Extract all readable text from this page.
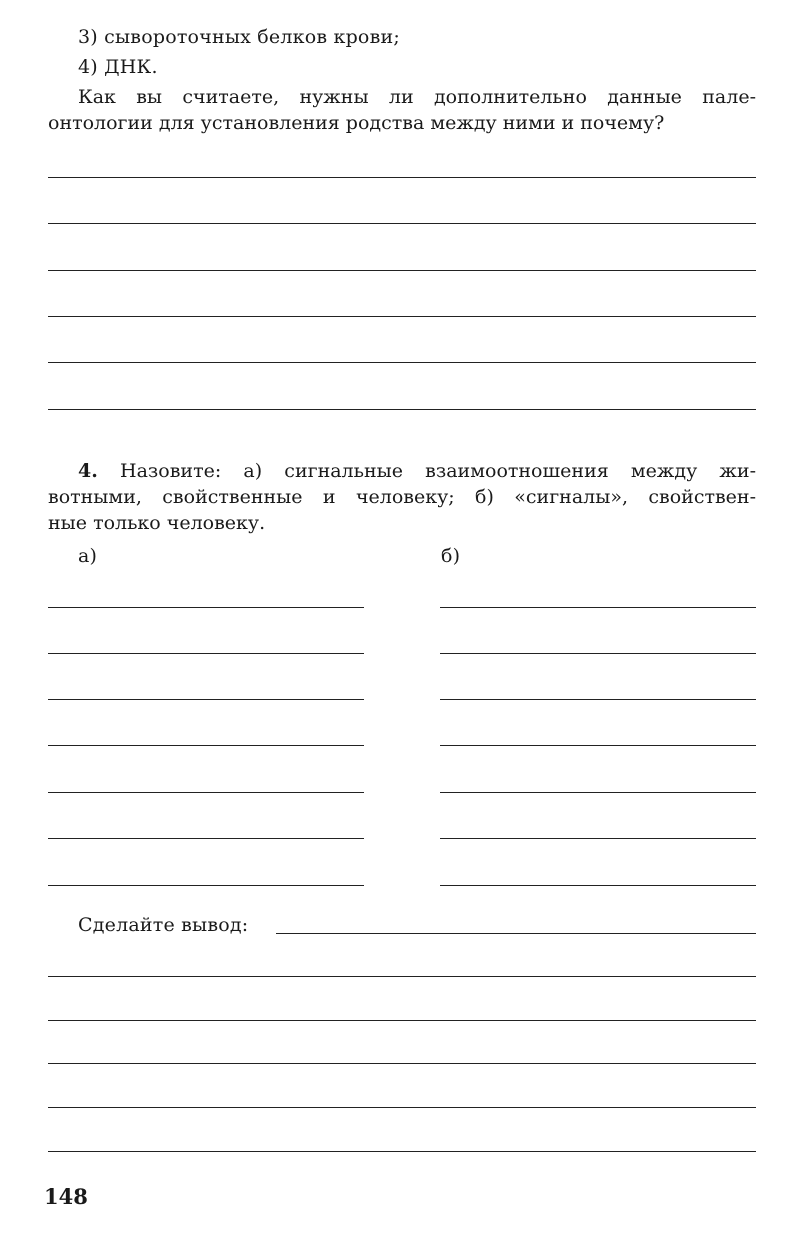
3) сывороточных белков крови;
4) ДНК.
Как вы считаете, нужны ли дополнительно данные пале-
онтологии для установления родства между ними и почему?
4. Назовите: а) сигнальные взаимоотношения между жи-
вотными, свойственные и человеку; б) «сигналы», свойствен-
ные только человеку.
а)	б)
Сделайте вывод:
148
